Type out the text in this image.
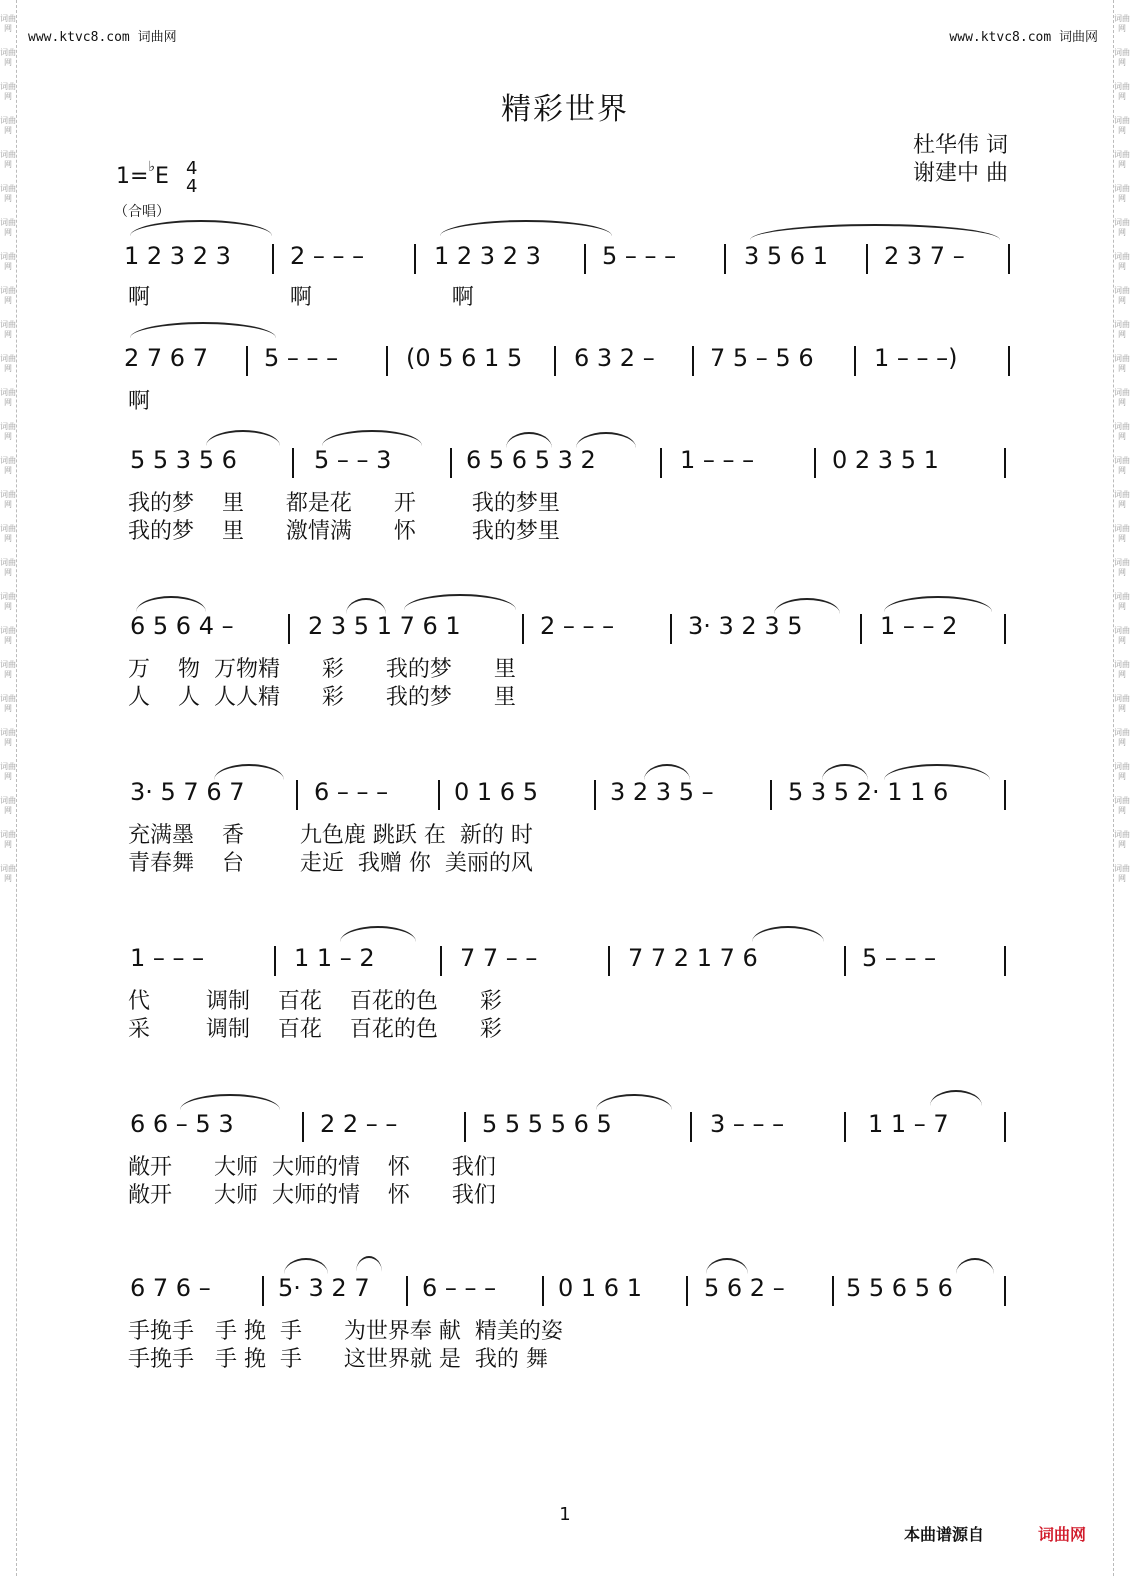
词曲网
词曲网
词曲网
词曲网
词曲网
词曲网
词曲网
词曲网
词曲网
词曲网
词曲网
词曲网
词曲网
词曲网
词曲网
词曲网
词曲网
词曲网
词曲网
词曲网
词曲网
词曲网
词曲网
词曲网
词曲网
词曲网
词曲网
词曲网
词曲网
词曲网
词曲网
词曲网
词曲网
词曲网
词曲网
词曲网
词曲网
词曲网
词曲网
词曲网
词曲网
词曲网
词曲网
词曲网
词曲网
词曲网
词曲网
词曲网
词曲网
词曲网
词曲网
词曲网
www.ktvc8.com 词曲网	www.ktvc8.com 词曲网
精彩世界
杜华伟 词
谢建中 曲
1=♭E 4
4
（合唱）
1 2 3 2 3 2 – – –	1 2 3 2 3	5 – – –	3 5 6 1 2 3 7 –
啊                    啊                    啊
2 7 6 7 5 – – –	(0 5 6 1 5 6 3 2 – 7 5 – 5 6	1 – – –)
啊
5 5 3 5 6	5 – – 3	6 5 6 5 3 2	1 – – –	0 2 3 5 1
我的梦    里      都是花      开        我的梦里
我的梦    里      激情满      怀        我的梦里
6 5 6 4 –	2 3 5 1 7 6 1	2 – – –	3· 3 2 3 5	1 – – 2
万    物  万物精      彩      我的梦      里
人    人  人人精      彩      我的梦      里
3· 5 7 6 7	6 – – –	0 1 6 5	3 2 3 5 –	5 3 5 2· 1 1 6
充满墨    香        九色鹿 跳跃 在  新的 时
青春舞    台        走近  我赠 你  美丽的风
1 – – –	1 1 – 2	7 7 – –	7 7 2 1 7 6	5 – – –
代        调制    百花    百花的色      彩
采        调制    百花    百花的色      彩
6 6 – 5 3	2 2 – –	5 5 5 5 6 5	3 – – –	1 1 – 7
敞开      大师  大师的情    怀      我们
敞开      大师  大师的情    怀      我们
6 7 6 –	5· 3 2 7 6 – – –	0 1 6 1	5 6 2 –	5 5 6 5 6
手挽手   手 挽  手      为世界奉 献  精美的姿
手挽手   手 挽  手      这世界就 是  我的 舞
1
本曲谱源自	词曲网
